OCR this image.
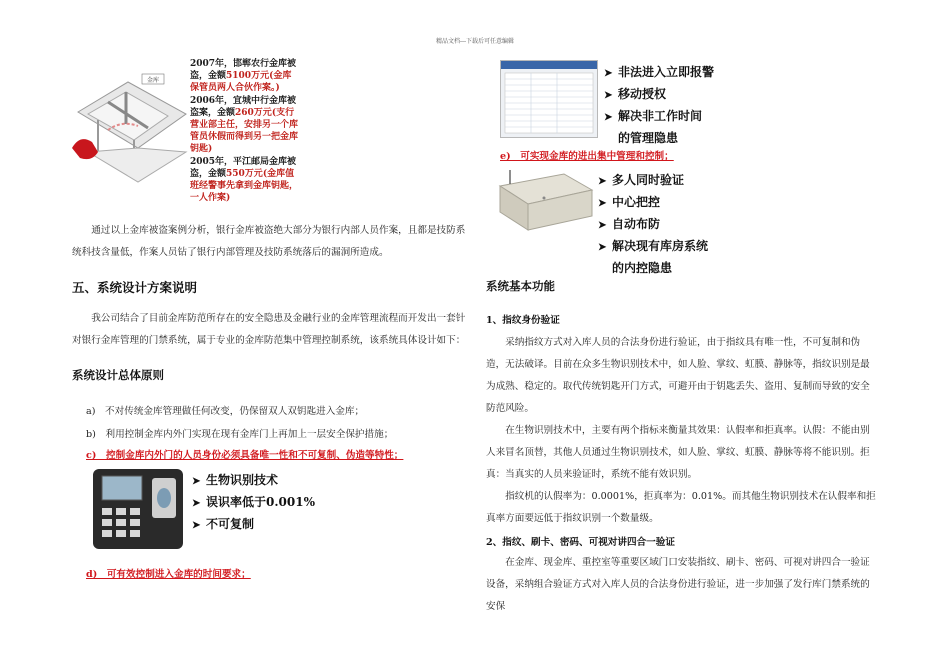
精品文档---下载后可任意编辑
金库

2007年，邯郸农行金库被盗，金额5100万元(金库保管员两人合伙作案。)

2006年，宜城中行金库被盗案，金额260万元(支行营业部主任，安排另一个库管员休假而得到另一把金库钥匙)

2005年，平江邮局金库被盗，金额550万元(金库值班经警事先拿到金库钥匙，一人作案)

通过以上金库被盗案例分析，银行金库被盗绝大部分为银行内部人员作案，且都是技防系统科技含量低，作案人员钻了银行内部管理及技防系统落后的漏洞所造成。
五、系统设计方案说明
我公司结合了目前金库防范所存在的安全隐患及金融行业的金库管理流程而开发出一套针对银行金库管理的门禁系统，属于专业的金库防范集中管理控制系统，该系统具体设计如下：
系统设计总体原则
a)　不对传统金库管理做任何改变，仍保留双人双钥匙进入金库；
b)　利用控制金库内外门实现在现有金库门上再加上一层安全保护措施；
c)　控制金库内外门的人员身份必须具备唯一性和不可复制、伪造等特性；
➤ 生物识别技术
➤ 误识率低于0.001%
➤ 不可复制
d)　可有效控制进入金库的时间要求；
➤ 非法进入立即报警
➤ 移动授权
➤ 解决非工作时间
的管理隐患
e)　可实现金库的进出集中管理和控制；
➤ 多人同时验证
➤ 中心把控
➤ 自动布防
➤ 解决现有库房系统
的内控隐患
系统基本功能
1、指纹身份验证
采纳指纹方式对入库人员的合法身份进行验证，由于指纹具有唯一性，不可复制和伪造，无法破译。目前在众多生物识别技术中，如人脸、掌纹、虹膜、静脉等，指纹识别是最为成熟、稳定的。取代传统钥匙开门方式，可避开由于钥匙丢失、盗用、复制而导致的安全防范风险。
在生物识别技术中，主要有两个指标来衡量其效果：认假率和拒真率。认假：不能由别人来冒名顶替，其他人员通过生物识别技术，如人脸、掌纹、虹膜、静脉等将不能识别。拒真：当真实的人员来验证时，系统不能有效识别。
指纹机的认假率为：0.0001%，拒真率为：0.01%。而其他生物识别技术在认假率和拒真率方面要远低于指纹识别一个数量级。
2、指纹、刷卡、密码、可视对讲四合一验证
在金库、现金库、重控室等重要区域门口安装指纹、刷卡、密码、可视对讲四合一验证设备，采纳组合验证方式对入库人员的合法身份进行验证，进一步加强了发行库门禁系统的安保
